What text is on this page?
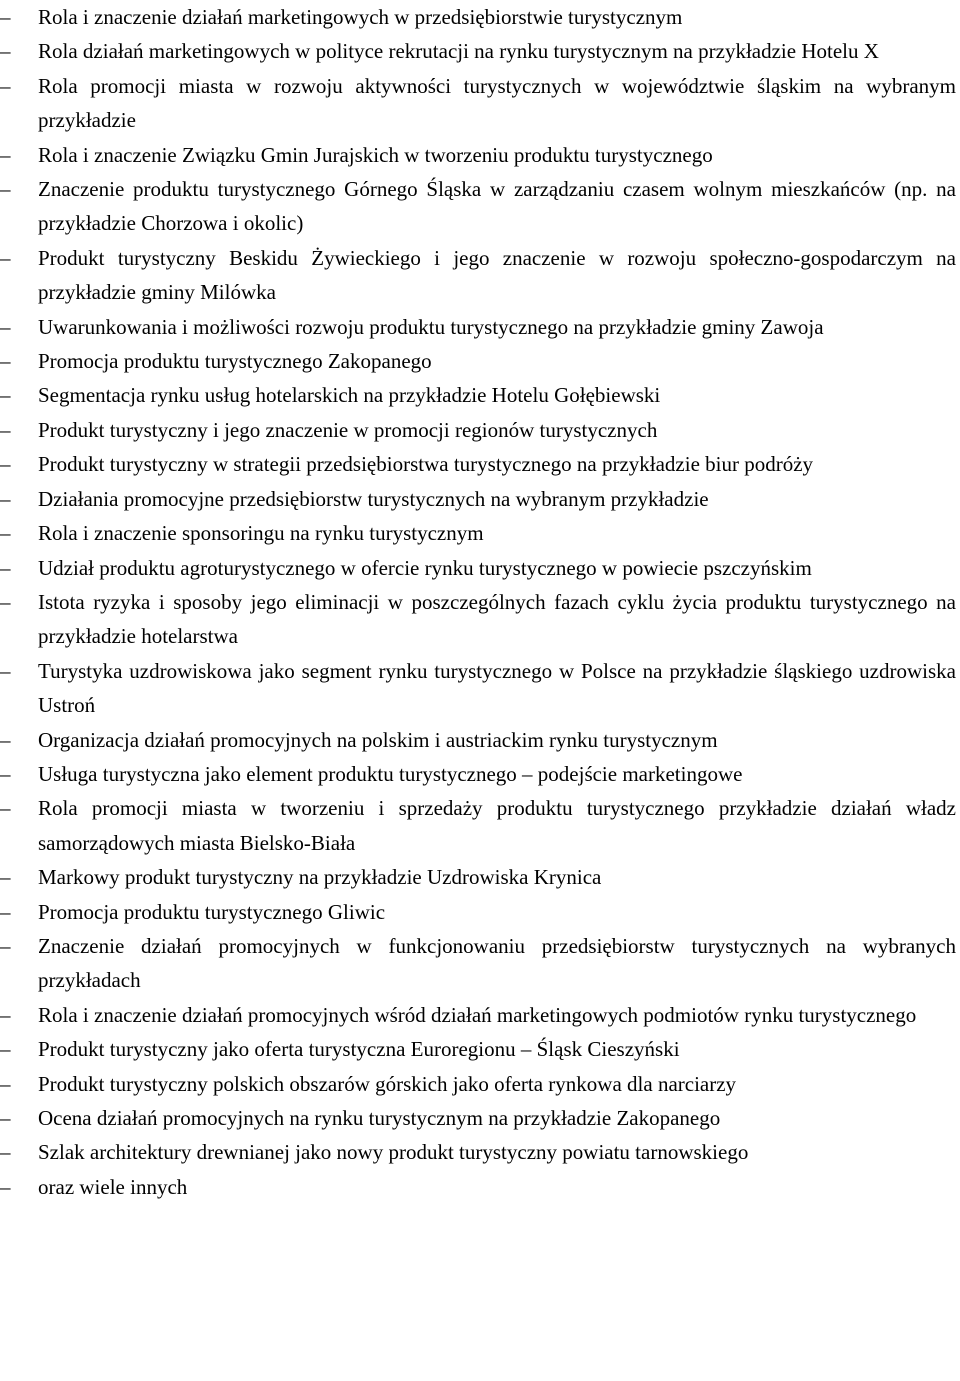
–	Rola i znaczenie działań marketingowych w przedsiębiorstwie turystycznym
–	Rola działań marketingowych w polityce rekrutacji na rynku turystycznym na przykładzie Hotelu X
–	Rola promocji miasta w rozwoju aktywności turystycznych w województwie śląskim na wybranym przykładzie
–	Rola i znaczenie Związku Gmin Jurajskich w tworzeniu produktu turystycznego
–	Znaczenie produktu turystycznego Górnego Śląska w zarządzaniu czasem wolnym mieszkańców (np. na przykładzie Chorzowa i okolic)
–	Produkt turystyczny Beskidu Żywieckiego i jego znaczenie w rozwoju społeczno-gospodarczym na przykładzie gminy Milówka
–	Uwarunkowania i możliwości rozwoju produktu turystycznego na przykładzie gminy Zawoja
–	Promocja produktu turystycznego Zakopanego
–	Segmentacja rynku usług hotelarskich na przykładzie Hotelu Gołębiewski
–	Produkt turystyczny i jego znaczenie w promocji regionów turystycznych
–	Produkt turystyczny w strategii przedsiębiorstwa turystycznego na przykładzie biur podróży
–	Działania promocyjne przedsiębiorstw turystycznych na wybranym przykładzie
–	Rola i znaczenie sponsoringu na rynku turystycznym
–	Udział produktu agroturystycznego w ofercie rynku turystycznego w powiecie pszczyńskim
–	Istota ryzyka i sposoby jego eliminacji w poszczególnych fazach cyklu życia produktu turystycznego na przykładzie hotelarstwa
–	Turystyka uzdrowiskowa jako segment rynku turystycznego w Polsce na przykładzie śląskiego uzdrowiska Ustroń
–	Organizacja działań promocyjnych na polskim i austriackim rynku turystycznym
–	Usługa turystyczna jako element produktu turystycznego – podejście marketingowe
–	Rola promocji miasta w tworzeniu i sprzedaży produktu turystycznego przykładzie działań władz samorządowych miasta Bielsko-Biała
–	Markowy produkt turystyczny na przykładzie Uzdrowiska Krynica
–	Promocja produktu turystycznego Gliwic
–	Znaczenie działań promocyjnych w funkcjonowaniu przedsiębiorstw turystycznych na wybranych przykładach
–	Rola i znaczenie działań promocyjnych wśród działań marketingowych podmiotów rynku turystycznego
–	Produkt turystyczny jako oferta turystyczna Euroregionu – Śląsk Cieszyński
–	Produkt turystyczny polskich obszarów górskich jako oferta rynkowa dla narciarzy
–	Ocena działań promocyjnych na rynku turystycznym na przykładzie Zakopanego
–	Szlak architektury drewnianej jako nowy produkt turystyczny powiatu tarnowskiego
–	oraz wiele innych
